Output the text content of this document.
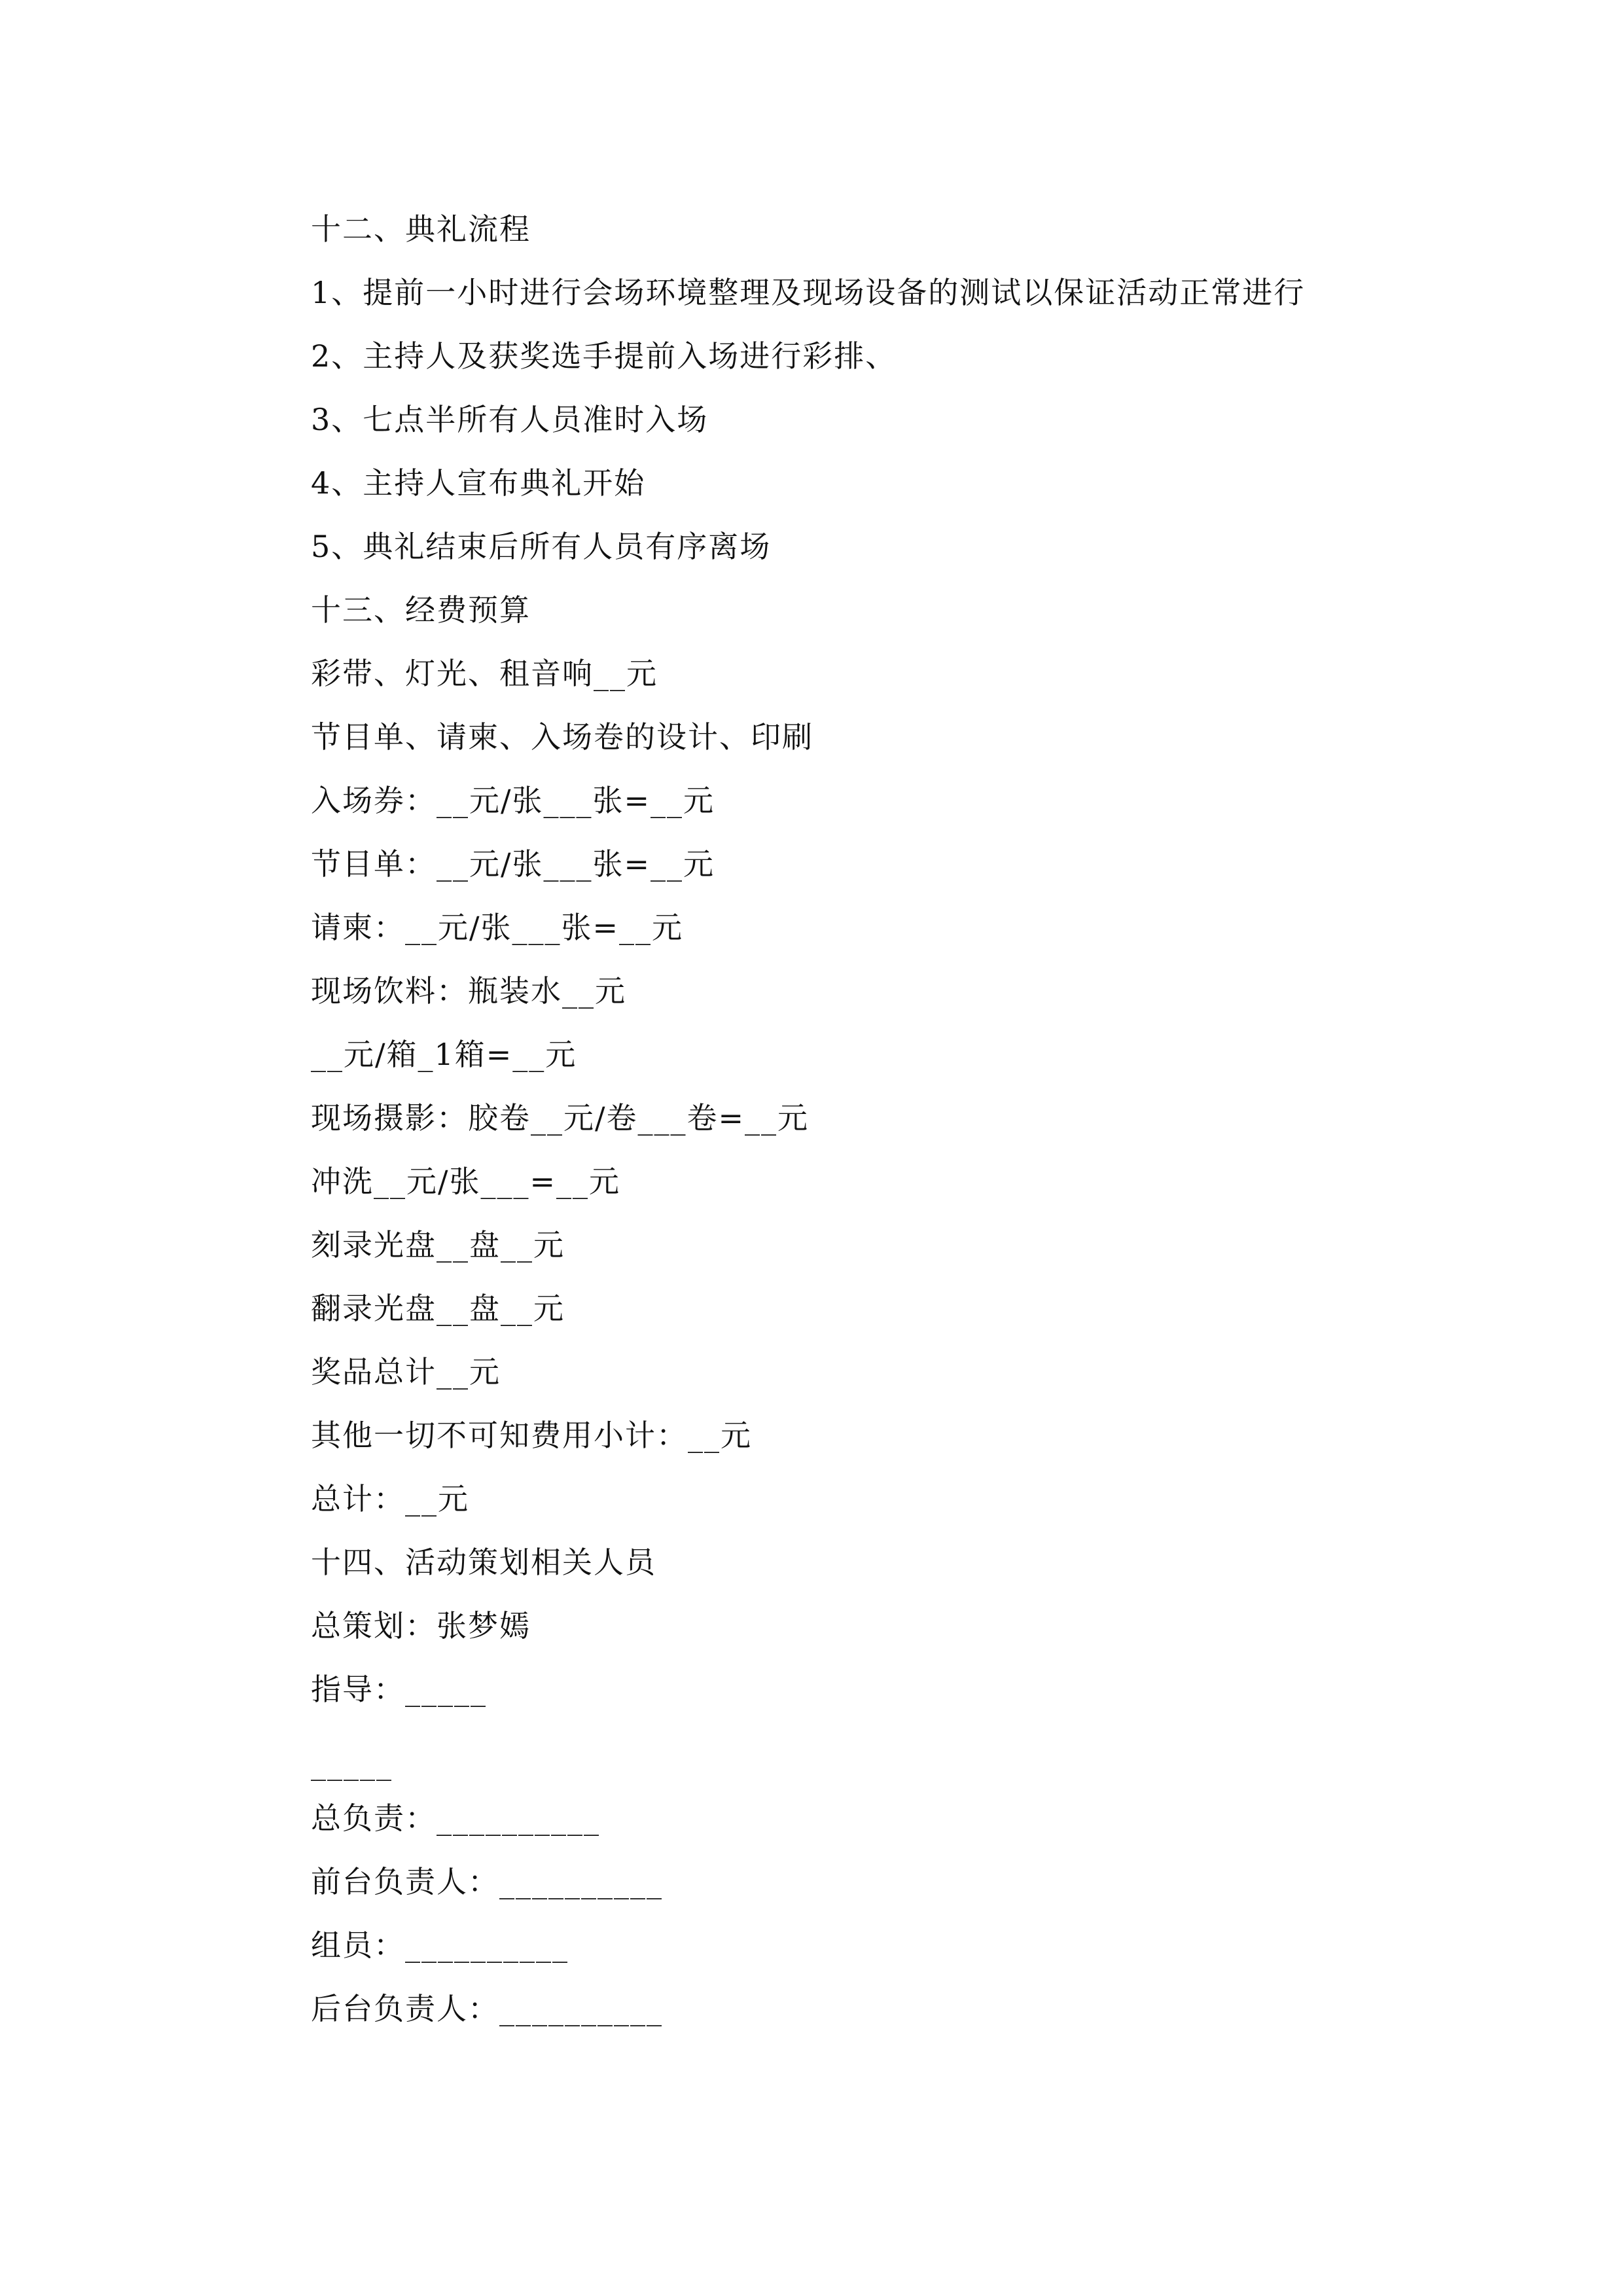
十二、典礼流程
1、提前一小时进行会场环境整理及现场设备的测试以保证活动正常进行
2、主持人及获奖选手提前入场进行彩排、
3、七点半所有人员准时入场
4、主持人宣布典礼开始
5、典礼结束后所有人员有序离场
十三、经费预算
彩带、灯光、租音响__元
节目单、请柬、入场卷的设计、印刷
入场券：__元/张___张=__元
节目单：__元/张___张=__元
请柬：__元/张___张=__元
现场饮料：瓶装水__元
__元/箱_1箱=__元
现场摄影：胶卷__元/卷___卷=__元
冲洗__元/张___=__元
刻录光盘__盘__元
翻录光盘__盘__元
奖品总计__元
其他一切不可知费用小计：__元
总计：__元
十四、活动策划相关人员
总策划：张梦嫣
指导：_____
_____
总负责：__________
前台负责人：__________
组员：__________
后台负责人：__________
